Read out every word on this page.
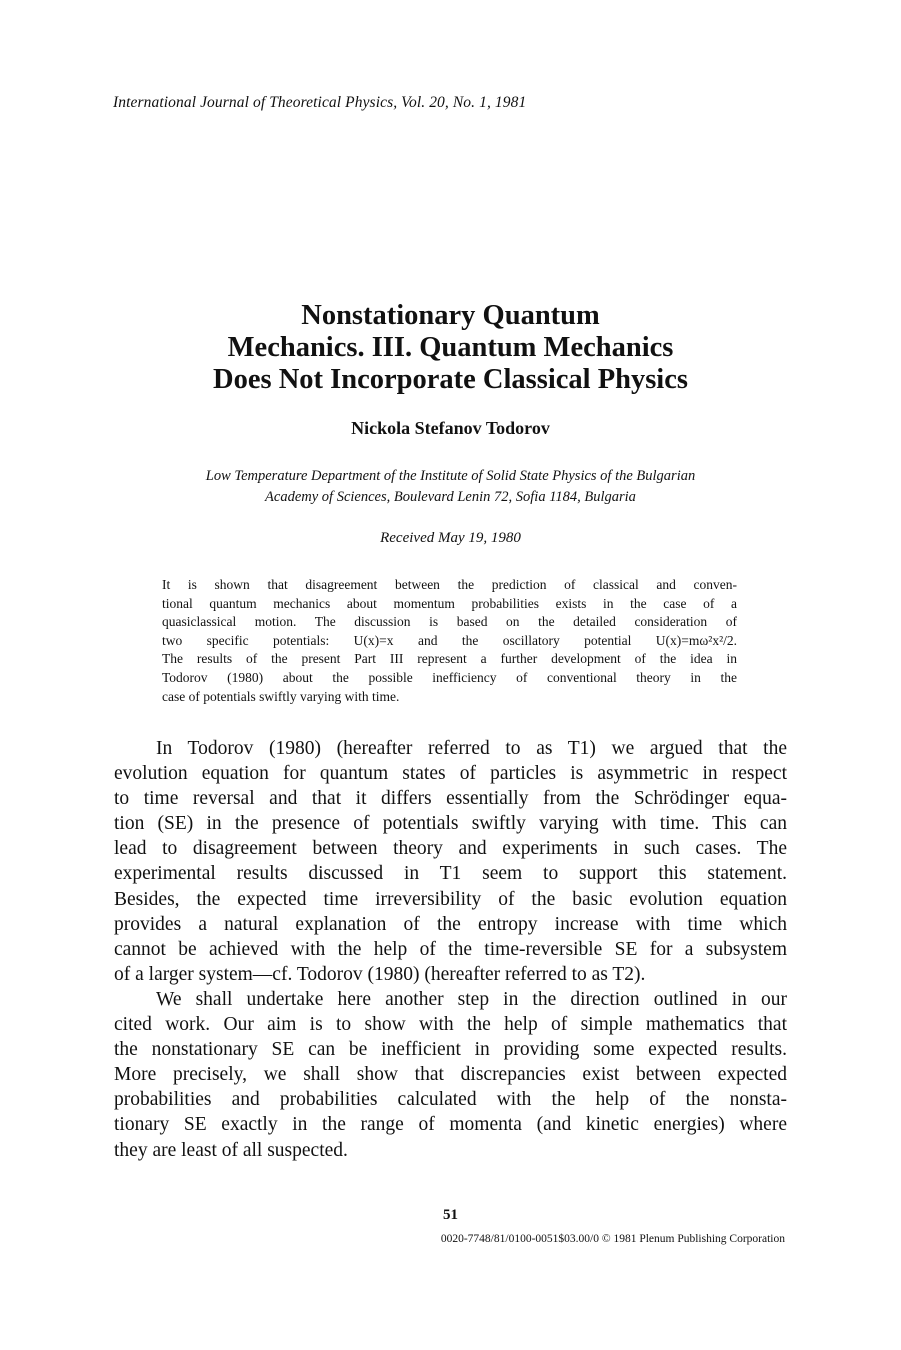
International Journal of Theoretical Physics, Vol. 20, No. 1, 1981
Nonstationary Quantum
Mechanics. III. Quantum Mechanics
Does Not Incorporate Classical Physics
Nickola Stefanov Todorov
Low Temperature Department of the Institute of Solid State Physics of the Bulgarian
Academy of Sciences, Boulevard Lenin 72, Sofia 1184, Bulgaria
Received May 19, 1980
It is shown that disagreement between the prediction of classical and conven-
tional quantum mechanics about momentum probabilities exists in the case of a
quasiclassical motion. The discussion is based on the detailed consideration of
two specific potentials: U(x)=x and the oscillatory potential U(x)=mω²x²/2.
The results of the present Part III represent a further development of the idea in
Todorov (1980) about the possible inefficiency of conventional theory in the
case of potentials swiftly varying with time.
In Todorov (1980) (hereafter referred to as T1) we argued that the
evolution equation for quantum states of particles is asymmetric in respect
to time reversal and that it differs essentially from the Schrödinger equa-
tion (SE) in the presence of potentials swiftly varying with time. This can
lead to disagreement between theory and experiments in such cases. The
experimental results discussed in T1 seem to support this statement.
Besides, the expected time irreversibility of the basic evolution equation
provides a natural explanation of the entropy increase with time which
cannot be achieved with the help of the time-reversible SE for a subsystem
of a larger system—cf. Todorov (1980) (hereafter referred to as T2).
We shall undertake here another step in the direction outlined in our
cited work. Our aim is to show with the help of simple mathematics that
the nonstationary SE can be inefficient in providing some expected results.
More precisely, we shall show that discrepancies exist between expected
probabilities and probabilities calculated with the help of the nonsta-
tionary SE exactly in the range of momenta (and kinetic energies) where
they are least of all suspected.
51
0020-7748/81/0100-0051$03.00/0 © 1981 Plenum Publishing Corporation
